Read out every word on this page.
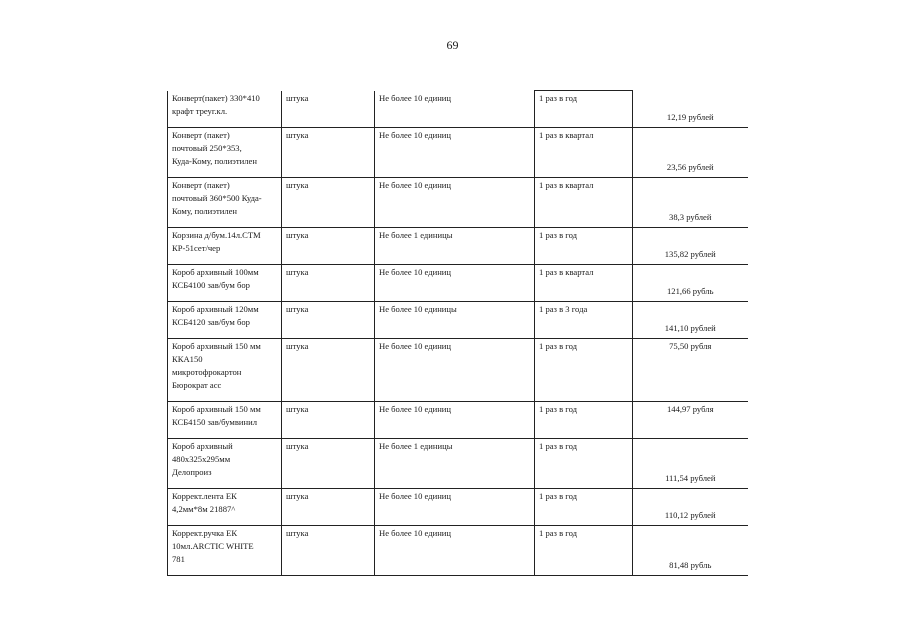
69
Конверт(пакет) 330*410
крафт треуг.кл.	штука	Не более 10 единиц	1 раз в год	12,19 рублей
Конверт (пакет)
почтовый 250*353,
Куда-Кому, полиэтилен	штука	Не более 10 единиц	1 раз в квартал	23,56 рублей
Конверт (пакет)
почтовый 360*500 Куда-
Кому, полиэтилен	штука	Не более 10 единиц	1 раз в квартал	38,3 рублей
Корзина д/бум.14л.СТМ
КР-51сет/чер	штука	Не более 1 единицы	1 раз в год	135,82 рублей
Короб архивный 100мм
КСБ4100 зав/бум бор	штука	Не более 10 единиц	1 раз в квартал	121,66 рубль
Короб архивный 120мм
КСБ4120 зав/бум бор	штука	Не более 10 единицы	1 раз в 3 года	141,10 рублей
Короб архивный 150 мм
ККА150
микротофрокартон
Бюрократ асс	штука	Не более 10 единиц	1 раз в год	75,50 рубля
Короб архивный 150 мм
КСБ4150 зав/бумвинил	штука	Не более 10 единиц	1 раз в год	144,97 рубля
Короб архивный
480х325х295мм
Делопроиз	штука	Не более 1 единицы	1 раз в год	111,54 рублей
Коррект.лента ЕК
4,2мм*8м 21887^	штука	Не более 10 единиц	1 раз в год	110,12 рублей
Коррект.ручка ЕК
10мл.ARCTIC WHITE
781	штука	Не более 10 единиц	1 раз в год	81,48 рубль
